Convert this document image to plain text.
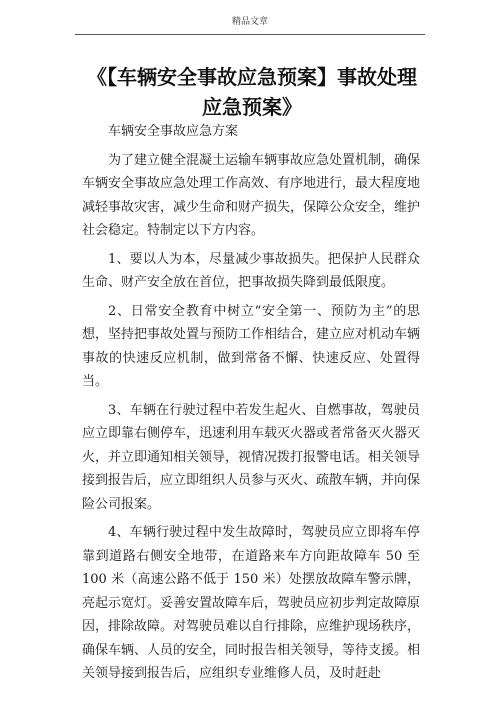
精品文章
《【车辆安全事故应急预案】事故处理应急预案》

车辆安全事故应急方案

为了建立健全混凝土运输车辆事故应急处置机制，确保车辆安全事故应急处理工作高效、有序地进行，最大程度地减轻事故灾害，减少生命和财产损失，保障公众安全，维护社会稳定。特制定以下方内容。

1、要以人为本，尽量减少事故损失。把保护人民群众生命、财产安全放在首位，把事故损失降到最低限度。

2、日常安全教育中树立“安全第一、预防为主”的思想，坚持把事故处置与预防工作相结合，建立应对机动车辆事故的快速反应机制，做到常备不懈、快速反应、处置得当。

3、车辆在行驶过程中若发生起火、自燃事故，驾驶员应立即靠右侧停车，迅速利用车载灭火器或者常备灭火器灭火，并立即通知相关领导，视情况拨打报警电话。相关领导接到报告后，应立即组织人员参与灭火、疏散车辆，并向保险公司报案。

4、车辆行驶过程中发生故障时，驾驶员应立即将车停靠到道路右侧安全地带，在道路来车方向距故障车 50 至 100 米（高速公路不低于 150 米）处摆放故障车警示牌，亮起示宽灯。妥善安置故障车后，驾驶员应初步判定故障原因，排除故障。对驾驶员难以自行排除，应维护现场秩序，确保车辆、人员的安全，同时报告相关领导，等待支援。相关领导接到报告后，应组织专业维修人员，及时赶赴
